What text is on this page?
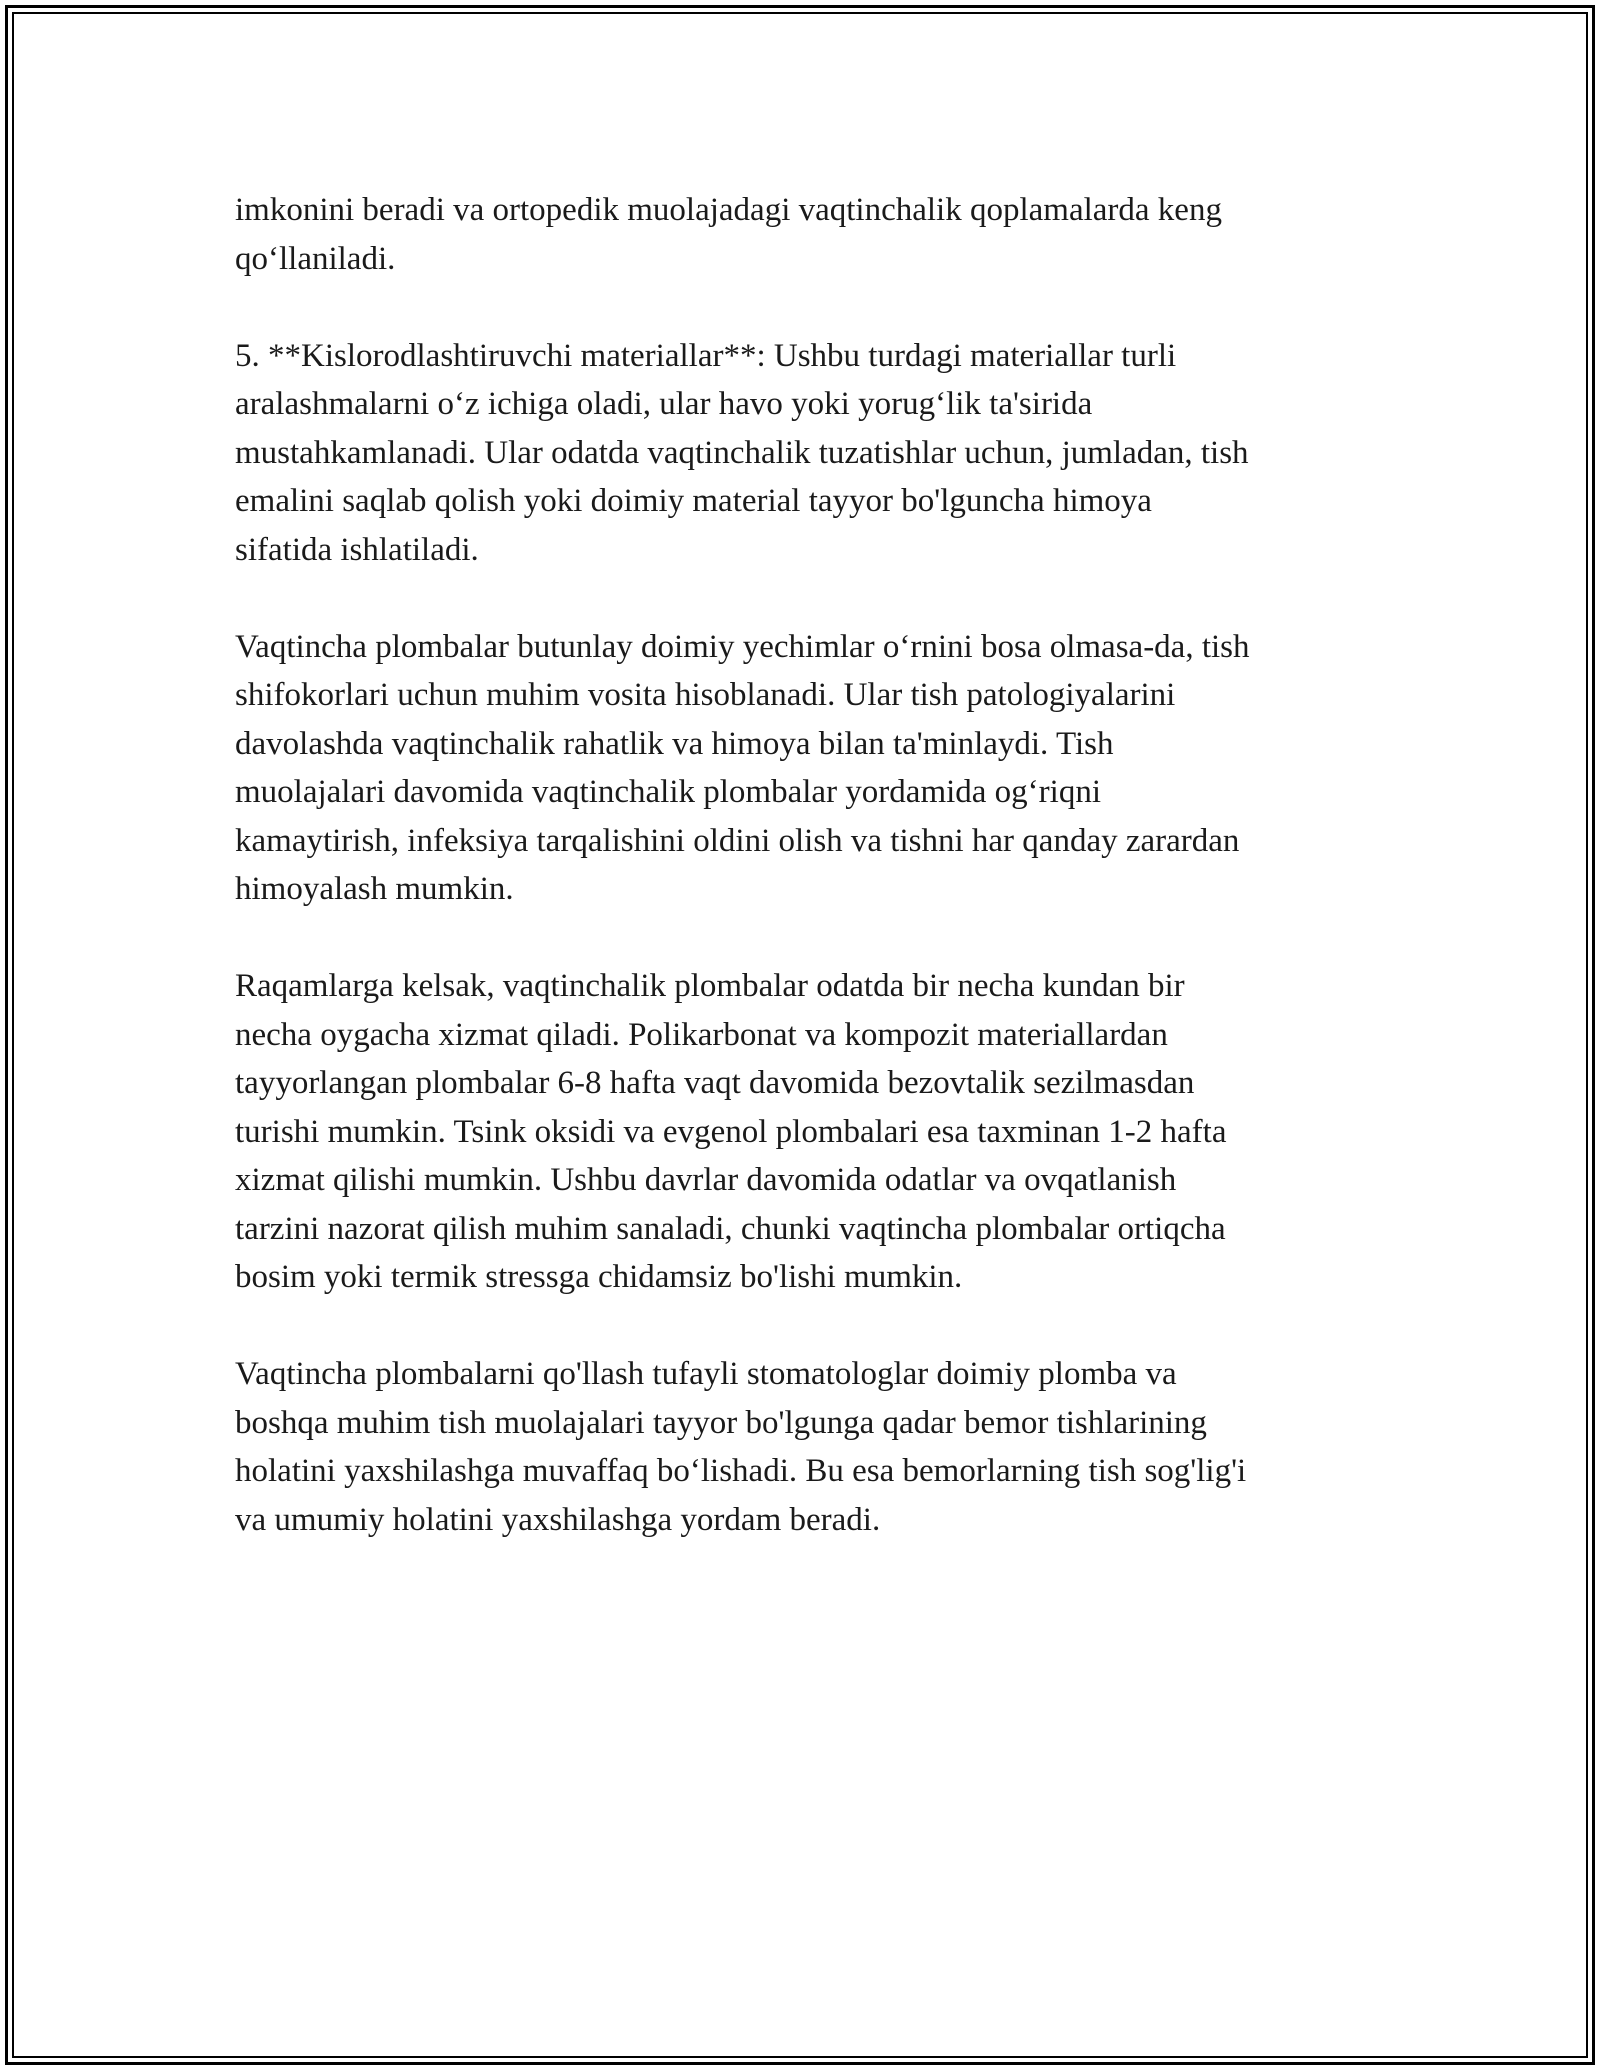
imkonini beradi va ortopedik muolajadagi vaqtinchalik qoplamalarda keng
qo‘llaniladi.

5. **Kislorodlashtiruvchi materiallar**: Ushbu turdagi materiallar turli
aralashmalarni o‘z ichiga oladi, ular havo yoki yorug‘lik ta'sirida
mustahkamlanadi. Ular odatda vaqtinchalik tuzatishlar uchun, jumladan, tish
emalini saqlab qolish yoki doimiy material tayyor bo'lguncha himoya
sifatida ishlatiladi.

Vaqtincha plombalar butunlay doimiy yechimlar o‘rnini bosa olmasa-da, tish
shifokorlari uchun muhim vosita hisoblanadi. Ular tish patologiyalarini
davolashda vaqtinchalik rahatlik va himoya bilan ta'minlaydi. Tish
muolajalari davomida vaqtinchalik plombalar yordamida og‘riqni
kamaytirish, infeksiya tarqalishini oldini olish va tishni har qanday zarardan
himoyalash mumkin.

Raqamlarga kelsak, vaqtinchalik plombalar odatda bir necha kundan bir
necha oygacha xizmat qiladi. Polikarbonat va kompozit materiallardan
tayyorlangan plombalar 6-8 hafta vaqt davomida bezovtalik sezilmasdan
turishi mumkin. Tsink oksidi va evgenol plombalari esa taxminan 1-2 hafta
xizmat qilishi mumkin. Ushbu davrlar davomida odatlar va ovqatlanish
tarzini nazorat qilish muhim sanaladi, chunki vaqtincha plombalar ortiqcha
bosim yoki termik stressga chidamsiz bo'lishi mumkin.

Vaqtincha plombalarni qo'llash tufayli stomatologlar doimiy plomba va
boshqa muhim tish muolajalari tayyor bo'lgunga qadar bemor tishlarining
holatini yaxshilashga muvaffaq bo‘lishadi. Bu esa bemorlarning tish sog'lig'i
va umumiy holatini yaxshilashga yordam beradi.
